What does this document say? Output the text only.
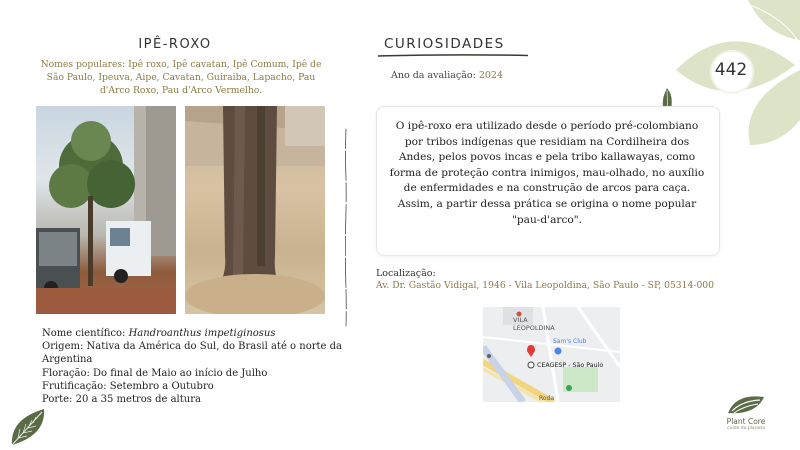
IPÊ-ROXO
Nomes populares: Ipê roxo, Ipê cavatan, Ipê Comum, Ipê de São Paulo, Ipeuva, Aipe, Cavatan, Guiraiba, Lapacho, Pau d'Arco Roxo, Pau d'Arco Vermelho.
Nome científico: Handroanthus impetiginosus
Origem: Nativa da América do Sul, do Brasil até o norte da Argentina
Floração: Do final de Maio ao início de Julho
Frutificação: Setembro a Outubro
Porte: 20 a 35 metros de altura
CURIOSIDADES
Ano da avaliação: 2024
O ipê-roxo era utilizado desde o período pré-colombiano por tribos indígenas que residiam na Cordilheira dos Andes, pelos povos incas e pela tribo kallawayas, como forma de proteção contra inimigos, mau-olhado, no auxílio de enfermidades e na construção de arcos para caça. Assim, a partir dessa prática se origina o nome popular "pau-d'arco".
Localização:
Av. Dr. Gastão Vidigal, 1946 - Vila Leopoldina, São Paulo - SP, 05314-000
VILA
LEOPOLDINA
Sam's Club
CEAGESP - São Paulo
Roda
442
Plant Core
cuide do planeta
